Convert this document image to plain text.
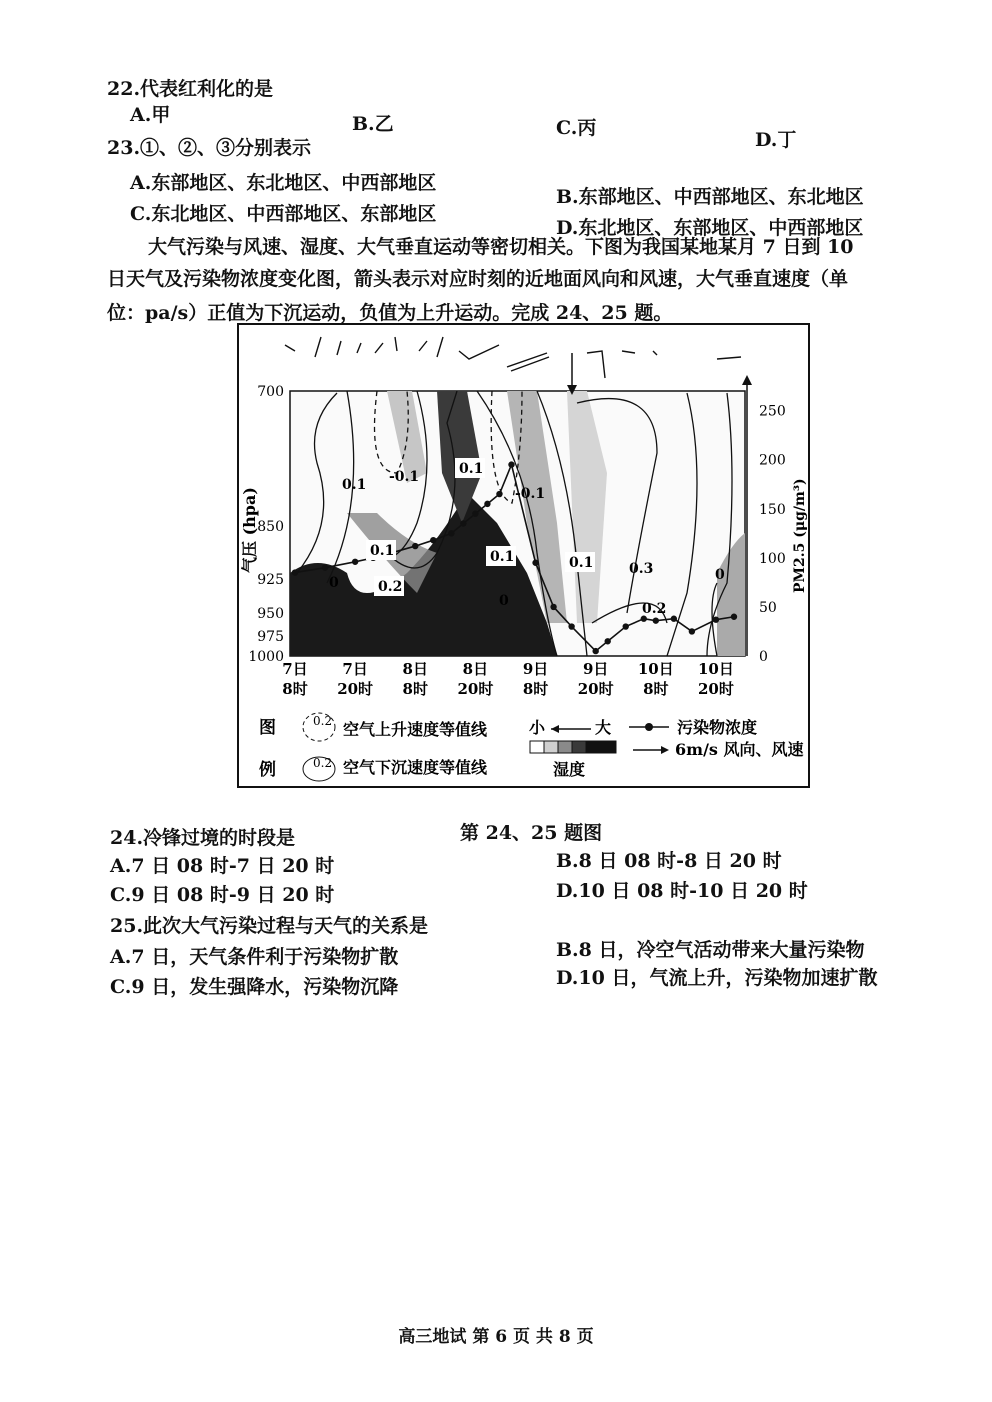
22.代表红利化的是
A.甲	B.乙	C.丙
D.丁
23.①、②、③分别表示
A.东部地区、东北地区、中西部地区
B.东部地区、中西部地区、东北地区
C.东北地区、中西部地区、东部地区
D.东北地区、东部地区、中西部地区
大气污染与风速、湿度、大气垂直运动等密切相关。下图为我国某地某月 7 日到 10
日天气及污染物浓度变化图，箭头表示对应时刻的近地面风向和风速，大气垂直速度（单
位：pa/s）正值为下沉运动，负值为上升运动。完成 24、25 题。
7日
8时
7日
20时
8日
8时
8日
20时
9日
8时
9日
20时
10日
8时
10日
20时
700
850
925
950
975
1000	0
50
100
150
200
250
0.1 -0.1
0.1
-0.1
0.1
0	0.2
0.1
0
0.1	0.3
0.2
0
图
例
0.2 空气上升速度等值线
0.2 空气下沉速度等值线
小	大
湿度
污染物浓度
6m/s 风向、风速
气压 (hpa)	PM2.5 (μg/m³)
第 24、25 题图
24.冷锋过境的时段是
A.7 日 08 时-7 日 20 时	B.8 日 08 时-8 日 20 时
C.9 日 08 时-9 日 20 时	D.10 日 08 时-10 日 20 时
25.此次大气污染过程与天气的关系是
A.7 日，天气条件利于污染物扩散	B.8 日，冷空气活动带来大量污染物
C.9 日，发生强降水，污染物沉降	D.10 日，气流上升，污染物加速扩散
高三地试 第 6 页 共 8 页
